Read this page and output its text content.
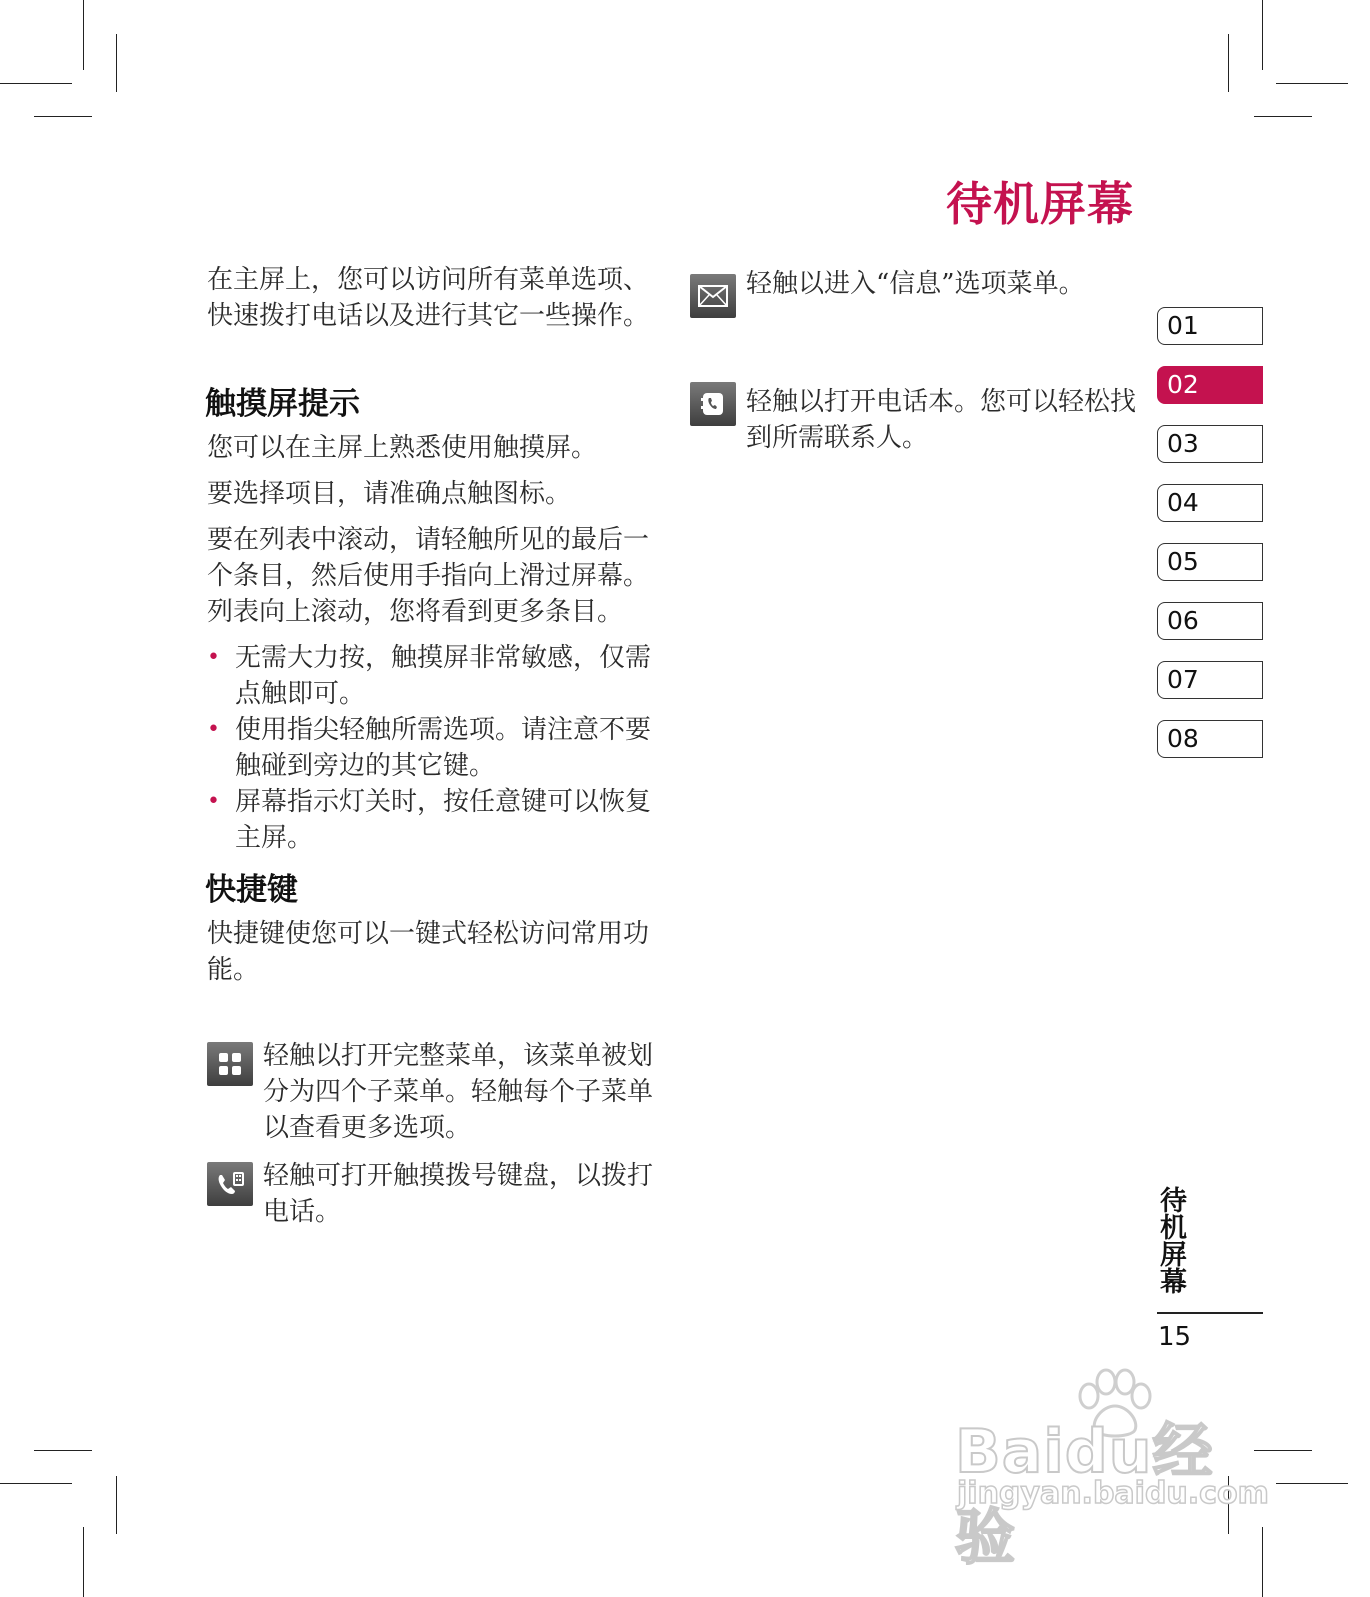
待机屏幕

在主屏上，您可以访问所有菜单选项、快速拨打电话以及进行其它一些操作。

触摸屏提示

您可以在主屏上熟悉使用触摸屏。

要选择项目，请准确点触图标。

要在列表中滚动，请轻触所见的最后一个条目，然后使用手指向上滑过屏幕。列表向上滚动，您将看到更多条目。

• 无需大力按，触摸屏非常敏感，仅需点触即可。
• 使用指尖轻触所需选项。请注意不要触碰到旁边的其它键。
• 屏幕指示灯关时，按任意键可以恢复主屏。
快捷键

快捷键使您可以一键式轻松访问常用功能。

轻触以打开完整菜单，该菜单被划分为四个子菜单。轻触每个子菜单以查看更多选项。
轻触可打开触摸拨号键盘，以拨打电话。
轻触以进入“信息”选项菜单。
轻触以打开电话本。您可以轻松找到所需联系人。
01
02
03
04
05
06
07
08
待机屏幕
15
Baidu经验
jingyan.baidu.com
